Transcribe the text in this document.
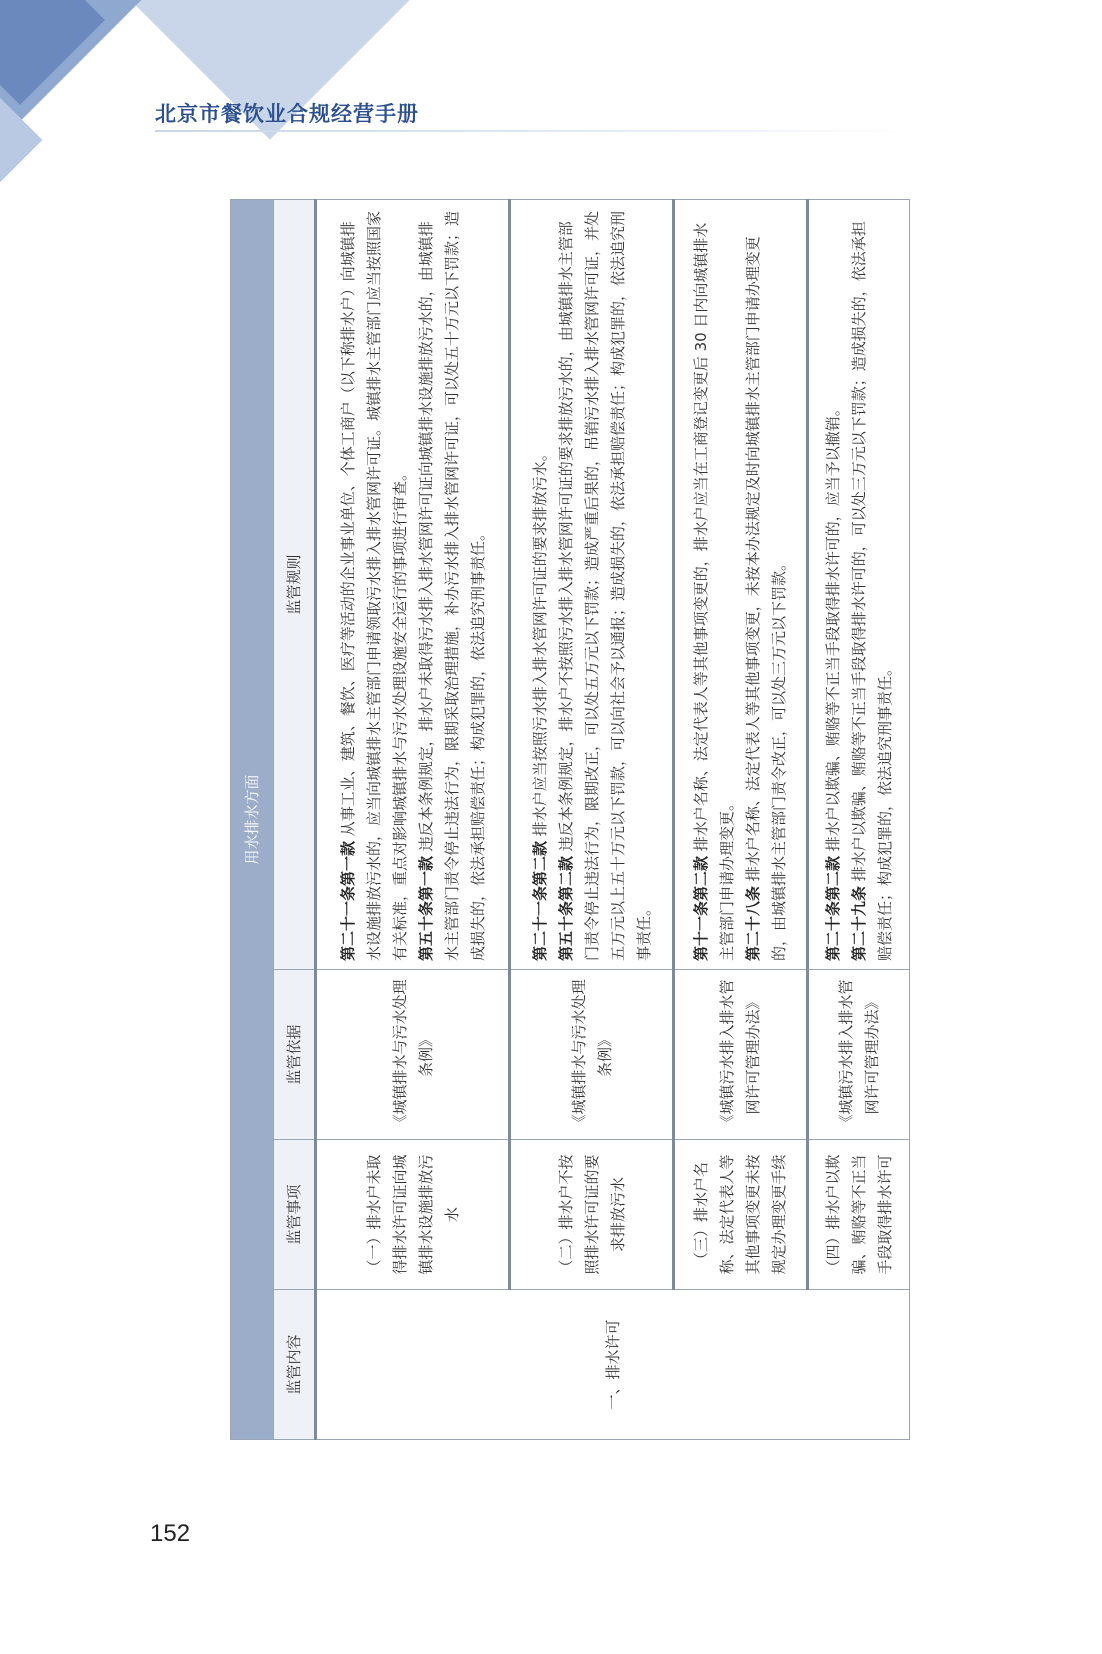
北京市餐饮业合规经营手册
用水排水方面			
监管内容	监管事项	监管依据	监管规则
一、排水许可	（一）排水户未取得排水许可证向城镇排水设施排放污水	《城镇排水与污水处理条例》	第二十一条第一款 从事工业、建筑、餐饮、医疗等活动的企业事业单位、个体工商户（以下称排水户）向城镇排水设施排放污水的，应当向城镇排水主管部门申请领取污水排入排水管网许可证。城镇排水主管部门应当按照国家有关标准，重点对影响城镇排水与污水处理设施安全运行的事项进行审查。 第五十条第一款 违反本条例规定，排水户未取得污水排入排水管网许可证向城镇排水设施排放污水的，由城镇排水主管部门责令停止违法行为，限期采取治理措施，补办污水排入排水管网许可证，可以处五十万元以下罚款；造成损失的，依法承担赔偿责任；构成犯罪的，依法追究刑事责任。

	（二）排水户不按照排水许可证的要求排放污水	《城镇排水与污水处理条例》	第二十一条第二款 排水户应当按照污水排入排水管网许可证的要求排放污水。
第五十条第二款 违反本条例规定，排水户不按照污水排入排水管网许可证的要求排放污水的，由城镇排水主管部门责令停止违法行为，限期改正，可以处五万元以下罚款；造成严重后果的，吊销污水排入排水管网许可证，并处五万元以上五十万元以下罚款，可以向社会予以通报；造成损失的，依法承担赔偿责任；构成犯罪的，依法追究刑事责任。

	（三）排水户名称、法定代表人等其他事项变更未按规定办理变更手续	《城镇污水排入排水管网许可管理办法》	第十一条第二款 排水户名称、法定代表人等其他事项变更的，排水户应当在工商登记变更后 30 日内向城镇排水主管部门申请办理变更。 第二十八条 排水户名称、法定代表人等其他事项变更，未按本办法规定及时向城镇排水主管部门申请办理变更的，由城镇排水主管部门责令改正，可以处三万元以下罚款。

	（四）排水户以欺骗、贿赂等不正当手段取得排水许可	《城镇污水排入排水管网许可管理办法》	第二十条第二款 排水户以欺骗、贿赂等不正当手段取得排水许可的，应当予以撤销。
第二十九条 排水户以欺骗、贿赂等不正当手段取得排水许可的，可以处三万元以下罚款；造成损失的，依法承担赔偿责任；构成犯罪的，依法追究刑事责任。
152
